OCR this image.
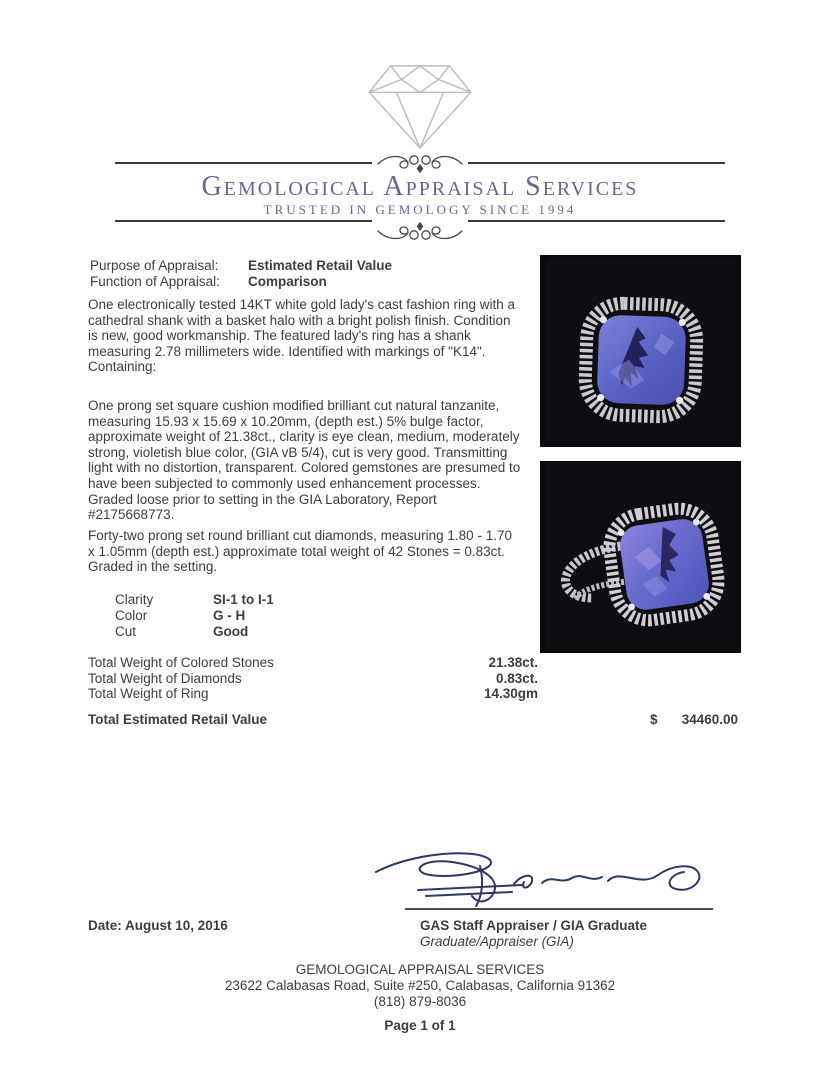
Gemological Appraisal Services
TRUSTED IN GEMOLOGY SINCE 1994
Purpose of Appraisal:	Estimated Retail Value
Function of Appraisal:	Comparison
One electronically tested 14KT white gold lady's cast fashion ring with a cathedral shank with a basket halo with a bright polish finish. Condition is new, good workmanship. The featured lady's ring has a shank measuring 2.78 millimeters wide. Identified with markings of "K14". Containing:
One prong set square cushion modified brilliant cut natural tanzanite, measuring 15.93 x 15.69 x 10.20mm, (depth est.) 5% bulge factor, approximate weight of 21.38ct., clarity is eye clean, medium, moderately strong, violetish blue color, (GIA vB 5/4), cut is very good. Transmitting light with no distortion, transparent. Colored gemstones are presumed to have been subjected to commonly used enhancement processes. Graded loose prior to setting in the GIA Laboratory, Report #2175668773.
Forty-two prong set round brilliant cut diamonds, measuring 1.80 - 1.70 x 1.05mm (depth est.) approximate total weight of 42 Stones = 0.83ct. Graded in the setting.
Clarity	SI-1 to I-1
Color	G - H
Cut	Good
Total Weight of Colored Stones	21.38ct.
Total Weight of Diamonds	0.83ct.
Total Weight of Ring	14.30gm
Total Estimated Retail Value	$ 34460.00
Date: August 10, 2016	GAS Staff Appraiser / GIA Graduate
Graduate/Appraiser (GIA)
GEMOLOGICAL APPRAISAL SERVICES
23622 Calabasas Road, Suite #250, Calabasas, California 91362
(818) 879-8036
Page 1 of 1
